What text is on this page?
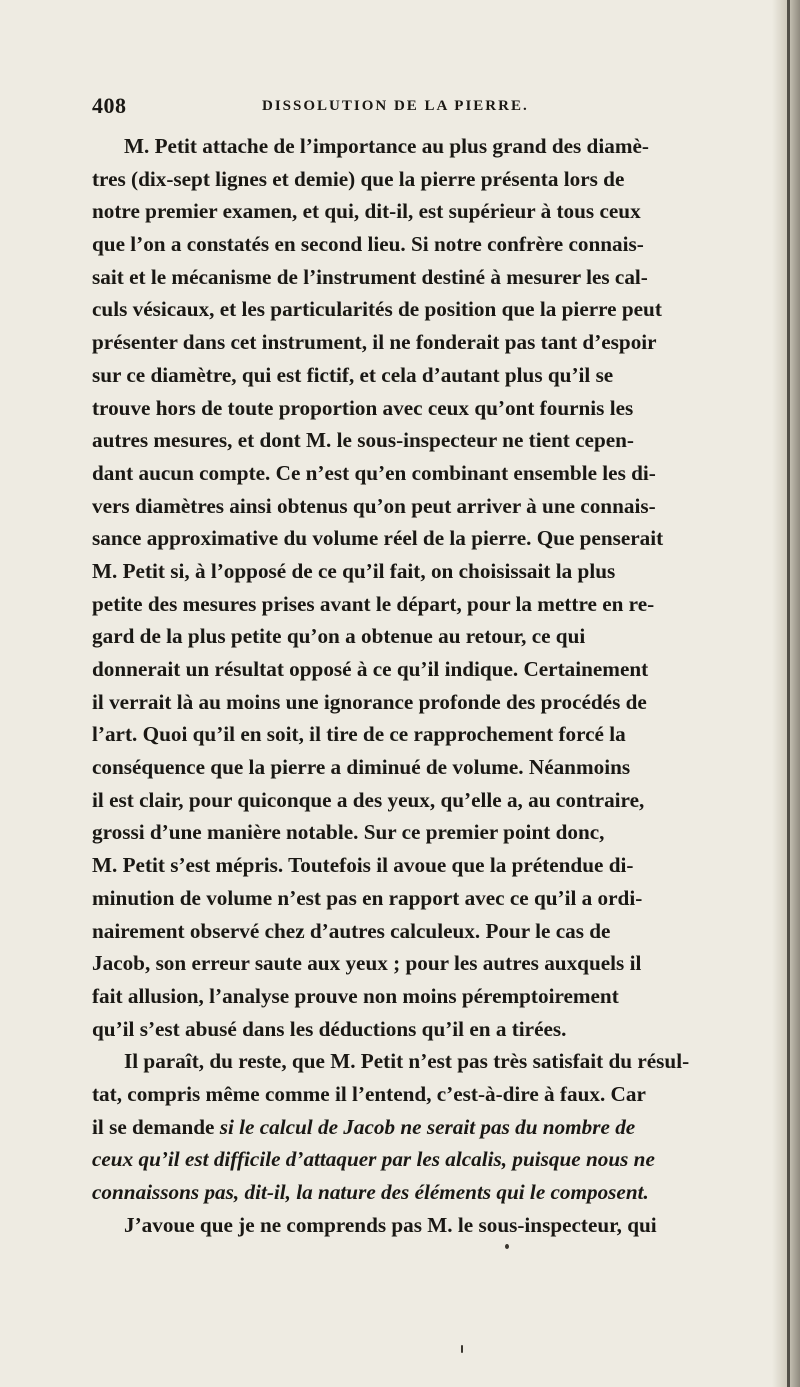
408	DISSOLUTION DE LA PIERRE.
M. Petit attache de l’importance au plus grand des diamè-
tres (dix-sept lignes et demie) que la pierre présenta lors de
notre premier examen, et qui, dit-il, est supérieur à tous ceux
que l’on a constatés en second lieu. Si notre confrère connais-
sait et le mécanisme de l’instrument destiné à mesurer les cal-
culs vésicaux, et les particularités de position que la pierre peut
présenter dans cet instrument, il ne fonderait pas tant d’espoir
sur ce diamètre, qui est fictif, et cela d’autant plus qu’il se
trouve hors de toute proportion avec ceux qu’ont fournis les
autres mesures, et dont M. le sous-inspecteur ne tient cepen-
dant aucun compte. Ce n’est qu’en combinant ensemble les di-
vers diamètres ainsi obtenus qu’on peut arriver à une connais-
sance approximative du volume réel de la pierre. Que penserait
M. Petit si, à l’opposé de ce qu’il fait, on choisissait la plus
petite des mesures prises avant le départ, pour la mettre en re-
gard de la plus petite qu’on a obtenue au retour, ce qui
donnerait un résultat opposé à ce qu’il indique. Certainement
il verrait là au moins une ignorance profonde des procédés de
l’art. Quoi qu’il en soit, il tire de ce rapprochement forcé la
conséquence que la pierre a diminué de volume. Néanmoins
il est clair, pour quiconque a des yeux, qu’elle a, au contraire,
grossi d’une manière notable. Sur ce premier point donc,
M. Petit s’est mépris. Toutefois il avoue que la prétendue di-
minution de volume n’est pas en rapport avec ce qu’il a ordi-
nairement observé chez d’autres calculeux. Pour le cas de
Jacob, son erreur saute aux yeux ; pour les autres auxquels il
fait allusion, l’analyse prouve non moins péremptoirement
qu’il s’est abusé dans les déductions qu’il en a tirées.
Il paraît, du reste, que M. Petit n’est pas très satisfait du résul-
tat, compris même comme il l’entend, c’est-à-dire à faux. Car
il se demande si le calcul de Jacob ne serait pas du nombre de
ceux qu’il est difficile d’attaquer par les alcalis, puisque nous ne
connaissons pas, dit-il, la nature des éléments qui le composent.
J’avoue que je ne comprends pas M. le sous-inspecteur, qui
